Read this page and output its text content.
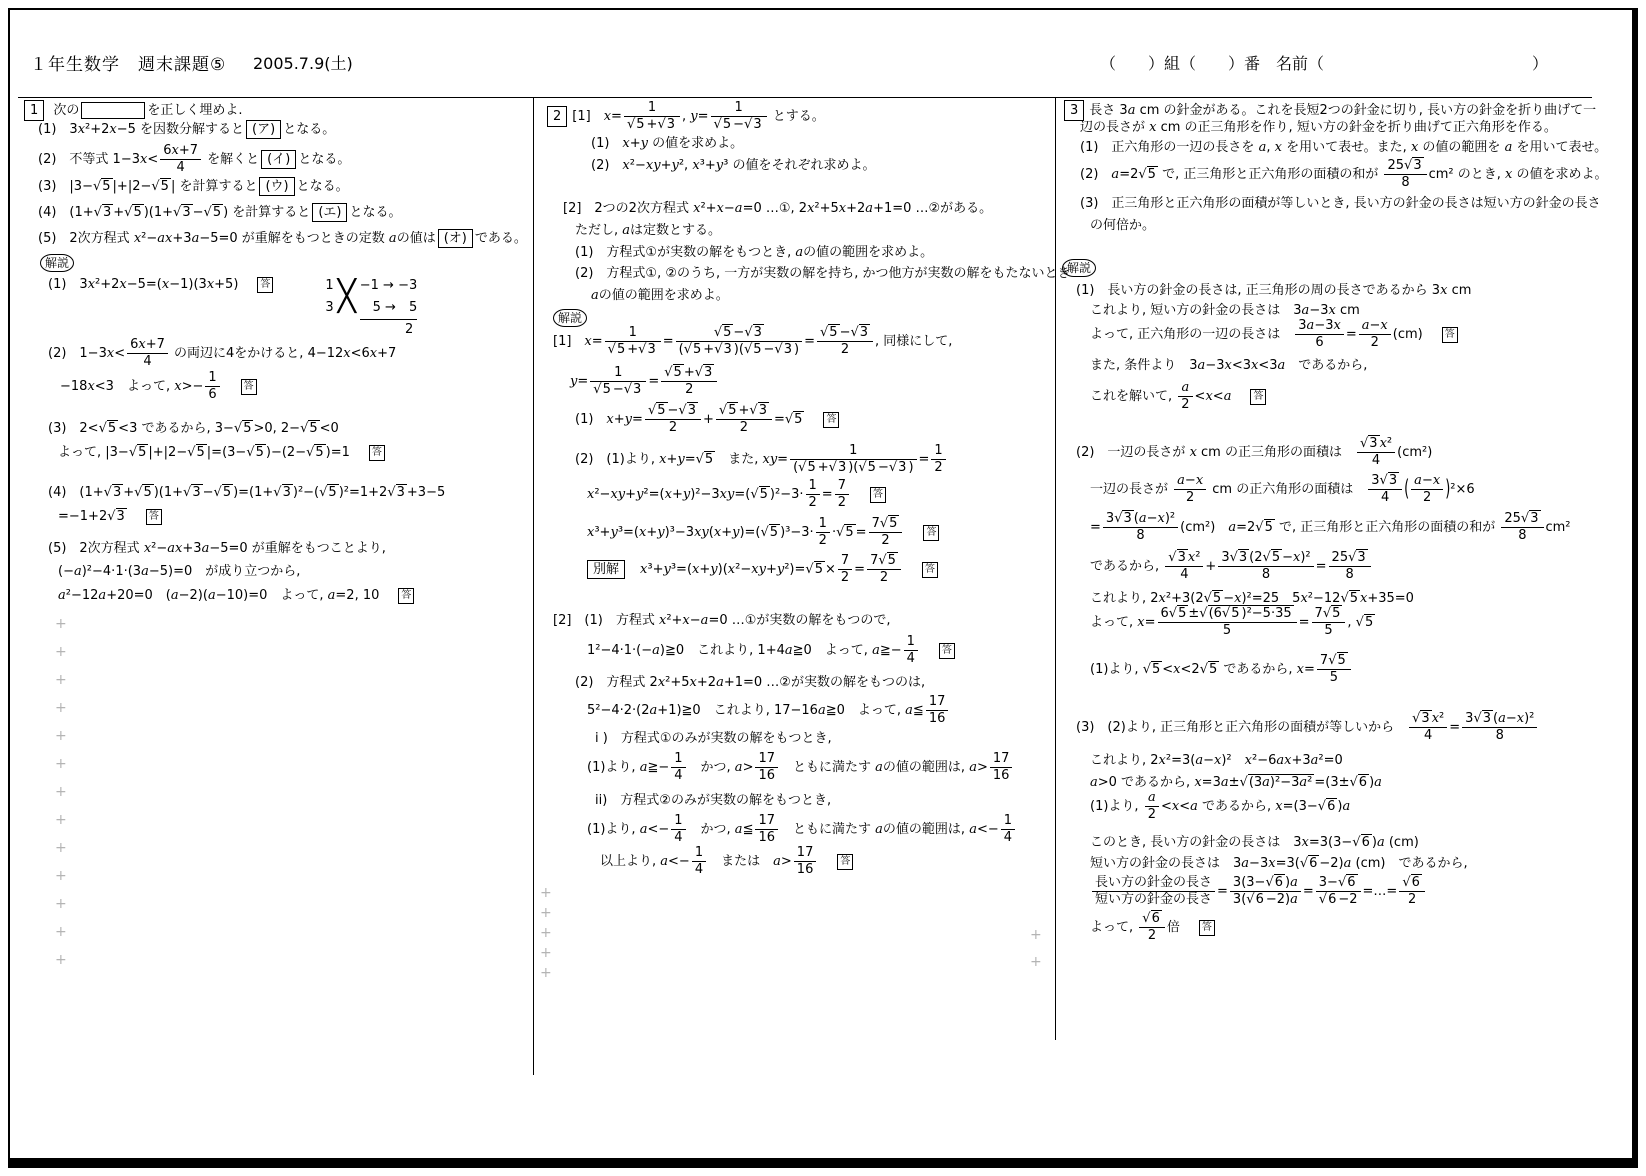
１年生数学　週末課題⑤ 2005.7.9(土)	（　　）組（　　）番　名前（　　　　　　　　　　　　　）
1 次の	を正しく埋めよ.
(1)　3x²+2x−5 を因数分解すると (ア) となる。
(2)　不等式 $1-3x< \frac{6x+7}{4}$ を解くと (イ) となる。
(3)　|3−√5 |+|2−√5 | を計算すると (ウ) となる。
(4)　(1+√3 +√5 )(1+√3 −√5 ) を計算すると (エ) となる。
(5)　2次方程式 x²−ax+3a−5=0 が重解をもつときの定数 aの値は (オ) である。
解説
(1)　3x²+2x−5=(x−1)(3x+5)　答	1
3 ╳ −1 → −3
5 →　5
2
(2)　$1-3x< \frac{6x+7}{4}$ の両辺に4をかけると, 4−12x<6x+7
−18x<3　よって, $x>- \frac{1}{6}$
　 答
(3)　2<√5 <3 であるから, 3−√5 >0, 2−√5 <0
よって, |3−√5 |+|2−√5 |=(3−√5 )−(2−√5 )=1　答
(4)　(1+√3 +√5 )(1+√3 −√5 )=(1+√3 )²−(√5 )²=1+2√3 +3−5
=−1+2√3　 答
(5)　2次方程式 x²−ax+3a−5=0 が重解をもつことより,
(−a)²−4·1·(3a−5)=0　が成り立つから,
a²−12a+20=0　(a−2)(a−10)=0　よって, a=2, 10　答
2 [1]　$x= \frac{1}{√5 +√3}$ , $y= \frac{1}{√5 -√3}$ とする。
(1)　x+y の値を求めよ。
(2)　x²−xy+y², x³+y³ の値をそれぞれ求めよ。
[2]　2つの2次方程式 x²+x−a=0 …①, 2x²+5x+2a+1=0 …②がある。
ただし, aは定数とする。
(1)　方程式①が実数の解をもつとき, aの値の範囲を求めよ。
(2)　方程式①, ②のうち, 一方が実数の解を持ち, かつ他方が実数の解をもたないとき
aの値の範囲を求めよ。
解説
[1]　$x= \frac{1}{√5 +√3} = \frac{√5 -√3}{(√5 +√3 )(√5 -√3 )} = \frac{√5 -√3}{2}$ , 同様にして,
$y= \frac{1}{√5 -√3} = \frac{√5 +√3}{2}$
(1)　$x+y= \frac{√5 -√3}{2} + \frac{√5 +√3}{2} =√5$　 答
(2)　(1)より, x+y=√5　また, $xy= \frac{1}{(√5 +√3 )(√5 -√3 )} = \frac{1}{2}$
x²−xy+y²=(x+y)²−3xy=(√5 )$^2-3\cdot \frac{1}{2} = \frac{7}{2}$
　 答
x³+y³=(x+y)³−3xy(x+y)=(√5 )$^3-3\cdot \frac{1}{2} \cdot√5 = \frac{7√5}{2}$
　 答
別解　 $x^3+y^3=(x+y)(x^2-xy+y^2)=√5 \times \frac{7}{2} = \frac{7√5}{2}$
　 答
[2]　(1)　方程式 x²+x−a=0 …①が実数の解をもつので,
1²−4·1·(−a)≧0　これより, 1+4a≧0　よって, a≧− $\frac{1}{4}$
　 答
(2)　方程式 2x²+5x+2a+1=0 …②が実数の解をもつのは,
5²−4·2·(2a+1)≧0　これより, 17−16a≧0　よって, a≦ $\frac{17}{16}$
i )　方程式①のみが実数の解をもつとき,
(1)より, a≧− $\frac{1}{4}$ 　かつ, $a> \frac{17}{16}$ 　ともに満たす aの値の範囲は, $a> \frac{17}{16}$
ii)　方程式②のみが実数の解をもつとき,
(1)より, $a<- \frac{1}{4}$ 　かつ, a≦ $\frac{17}{16}$ 　ともに満たす aの値の範囲は, $a<- \frac{1}{4}$
以上より, $a<- \frac{1}{4}$ 　または　$a> \frac{17}{16}$
　 答
3 長さ 3a cm の針金がある。これを長短2つの針金に切り, 長い方の針金を折り曲げて一
辺の長さが x cm の正三角形を作り, 短い方の針金を折り曲げて正六角形を作る。
(1)　正六角形の一辺の長さを a, x を用いて表せ。また, x の値の範囲を a を用いて表せ。
(2)　a=2√5 で, 正三角形と正六角形の面積の和が $\frac{25√3}{8} cm^2$ のとき, x の値を求めよ。
(3)　正三角形と正六角形の面積が等しいとき, 長い方の針金の長さは短い方の針金の長さ
の何倍か。
解説
(1)　長い方の針金の長さは, 正三角形の周の長さであるから 3x cm
これより, 短い方の針金の長さは　3a−3x cm
よって, 正六角形の一辺の長さは　 $\frac{3a-3x}{6} = \frac{a-x}{2} (cm)$　答
また, 条件より　3a−3x<3x<3a　であるから,
これを解いて, $\frac{a}{2} <x<a$　 答
(2)　一辺の長さが x cm の正三角形の面積は　 $\frac{\text{√3 x²}}{4} (cm^2)$
一辺の長さが $\frac{a-x}{2}$ cm の正六角形の面積は　 $\frac{3√3}{4}$ ( $\frac{a-x}{2} )^2\times 6$
= $\frac{\text{3√3 (a−x)²}}{8} (cm^2)$　a=2√5 で, 正三角形と正六角形の面積の和が $\frac{25√3}{8} cm^2$
であるから, $\frac{\text{√3 x²}}{4} + \frac{\text{3√3 (2√5 −x)²}}{8} = \frac{25√3}{8}$
これより, 2x²+3(2√5 −x)²=25　5x²−12√5 x+35=0
よって, $x= \frac{\text{6√5 ±√(6√5 )²−5·35}}{5} = \frac{7√5}{5}$ , √5
(1)より, √5 <x<2√5 であるから, $x= \frac{7√5}{5}$
(3)　(2)より, 正三角形と正六角形の面積が等しいから　 $\frac{\text{√3 x²}}{4} = \frac{\text{3√3 (a−x)²}}{8}$
これより, 2x²=3(a−x)²　x²−6ax+3a²=0
a>0 であるから, x=3a±√(3a)²−3a² =(3±√6 )a
(1)より, $\frac{a}{2} <x<a$ であるから, x=(3−√6 )a
このとき, 長い方の針金の長さは　3x=3(3−√6 )a (cm)
短い方の針金の長さは　3a−3x=3(√6 −2)a (cm)　であるから,
長い方の針金の長さ
短い方の針金の長さ
= $\frac{3(3-√6 )a}{3(√6 -2)a} = \frac{3-√6}{√6 -2}$ =…= $\frac{√6}{2}$
よって, $\frac{√6}{2}$ 倍　答
+
+
+
+
+
+
+
+
+
+
+
+
+
+
+
+
+
+
+
+
